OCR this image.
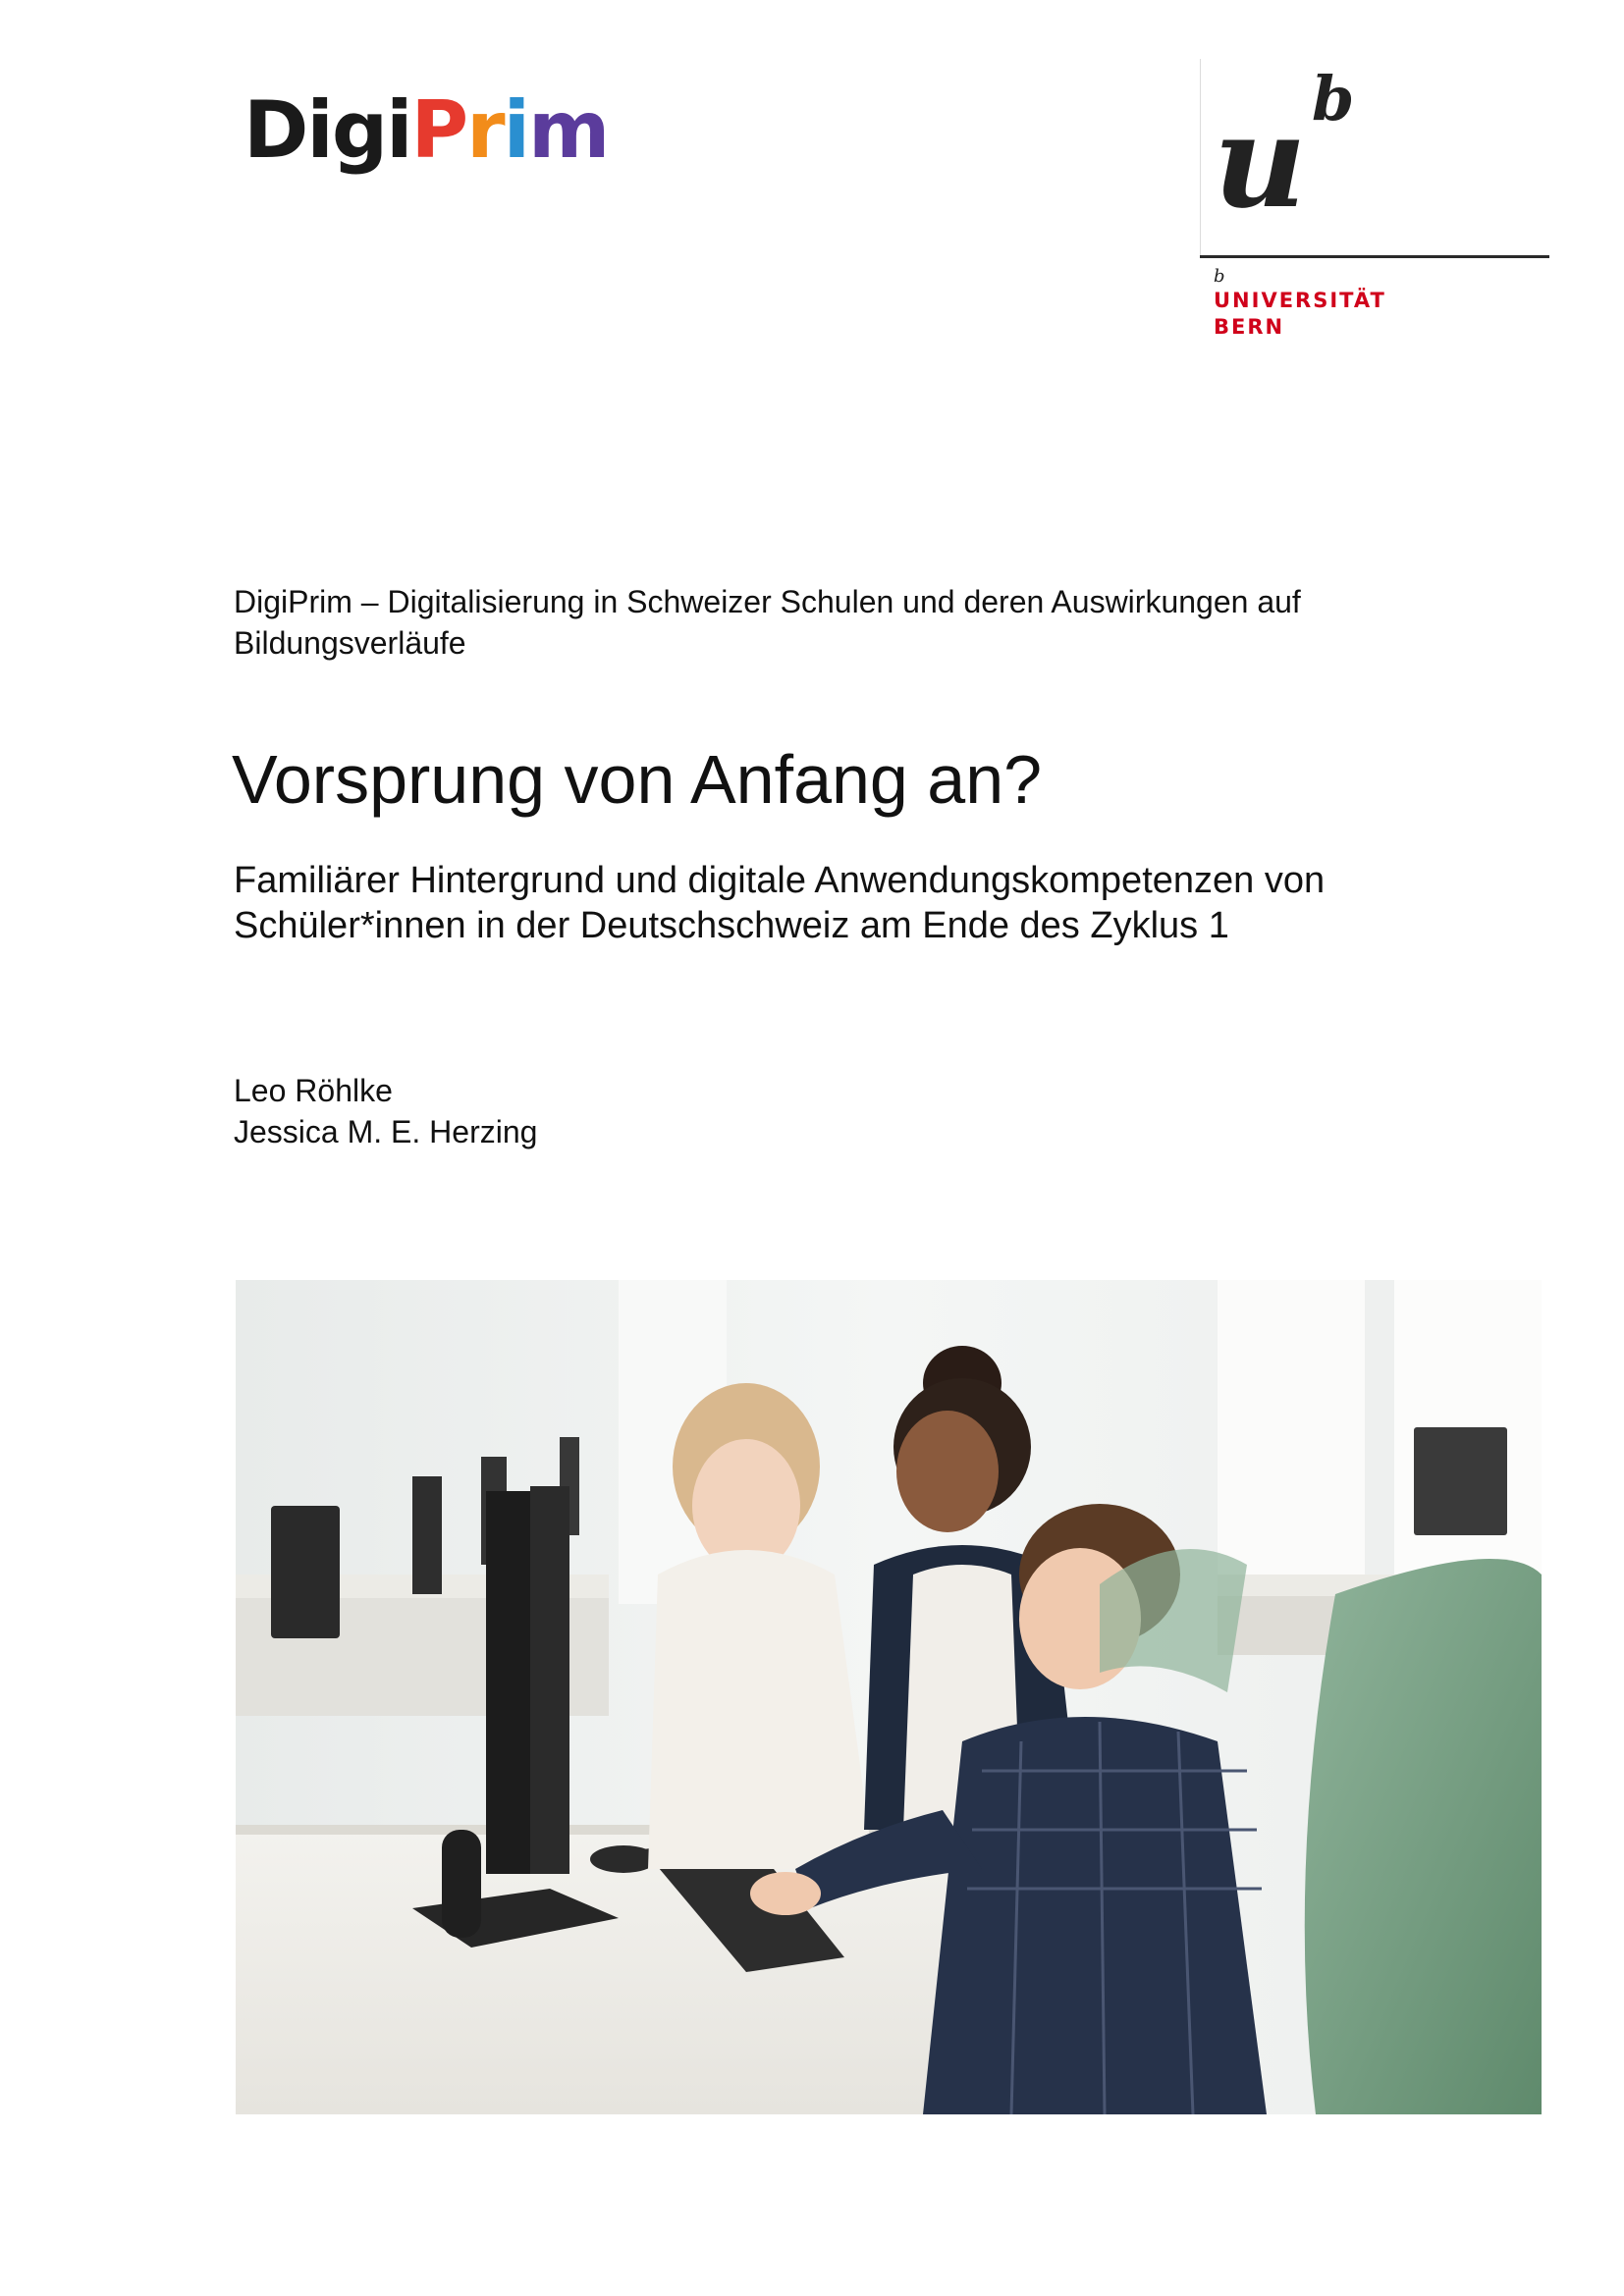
DigiPrim	u b
b
UNIVERSITÄT
BERN
DigiPrim – Digitalisierung in Schweizer Schulen und deren Auswirkungen auf
Bildungsverläufe
Vorsprung von Anfang an?
Familiärer Hintergrund und digitale Anwendungskompetenzen von
Schüler*innen in der Deutschschweiz am Ende des Zyklus 1
Leo Röhlke
Jessica M. E. Herzing
